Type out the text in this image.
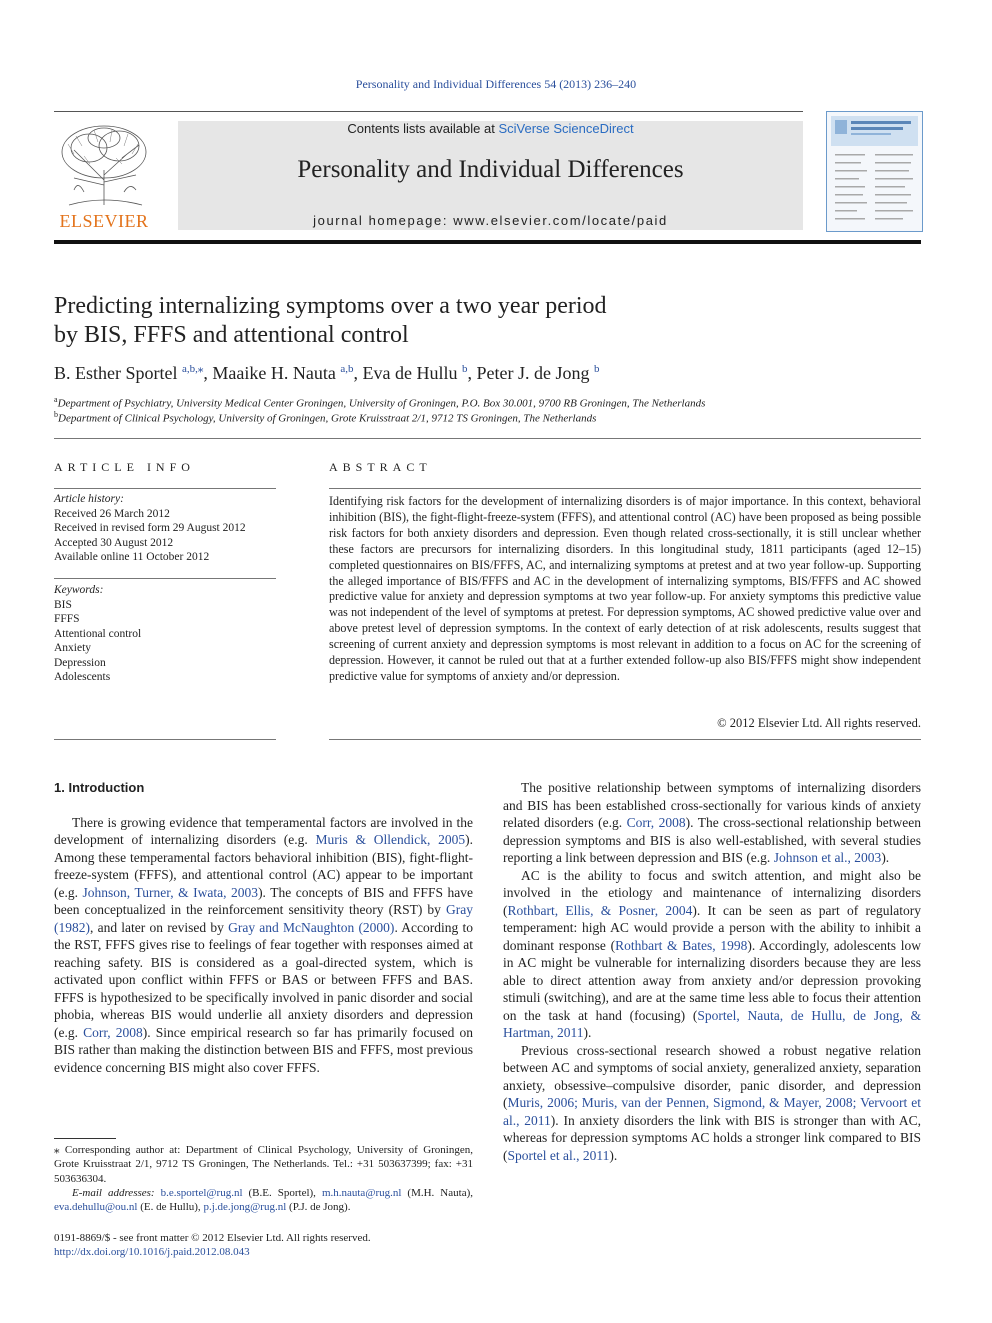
Personality and Individual Differences 54 (2013) 236–240
ELSEVIER
Contents lists available at SciVerse ScienceDirect
Personality and Individual Differences
journal homepage: www.elsevier.com/locate/paid
Predicting internalizing symptoms over a two year period
by BIS, FFFS and attentional control
B. Esther Sportel $^{a,b,⁎}$, Maaike H. Nauta $^{a,b}$, Eva de Hullu $^b$, Peter J. de Jong $^b$
$^a$Department of Psychiatry, University Medical Center Groningen, University of Groningen, P.O. Box 30.001, 9700 RB Groningen, The Netherlands
$^b$Department of Clinical Psychology, University of Groningen, Grote Kruisstraat 2/1, 9712 TS Groningen, The Netherlands
ARTICLE INFO
Article history:
Received 26 March 2012
Received in revised form 29 August 2012
Accepted 30 August 2012
Available online 11 October 2012
Keywords:
BIS
FFFS
Attentional control
Anxiety
Depression
Adolescents
ABSTRACT
Identifying risk factors for the development of internalizing disorders is of major importance. In this context, behavioral inhibition (BIS), the fight-flight-freeze-system (FFFS), and attentional control (AC) have been proposed as being possible risk factors for both anxiety disorders and depression. Even though related cross-sectionally, it is still unclear whether these factors are precursors for internalizing disorders. In this longitudinal study, 1811 participants (aged 12–15) completed questionnaires on BIS/FFFS, AC, and internalizing symptoms at pretest and at two year follow-up. Supporting the alleged importance of BIS/FFFS and AC in the development of internalizing symptoms, BIS/FFFS and AC showed predictive value for anxiety and depression symptoms at two year follow-up. For anxiety symptoms this predictive value was not independent of the level of symptoms at pretest. For depression symptoms, AC showed predictive value over and above pretest level of depression symptoms. In the context of early detection of at risk adolescents, results suggest that screening of current anxiety and depression symptoms is most relevant in addition to a focus on AC for the screening of depression. However, it cannot be ruled out that at a further extended follow-up also BIS/FFFS might show independent predictive value for symptoms of anxiety and/or depression.
© 2012 Elsevier Ltd. All rights reserved.

1. Introduction

There is growing evidence that temperamental factors are involved in the development of internalizing disorders (e.g. Muris & Ollendick, 2005). Among these temperamental factors behavioral inhibition (BIS), fight-flight-freeze-system (FFFS), and attentional control (AC) appear to be important (e.g. Johnson, Turner, & Iwata, 2003). The concepts of BIS and FFFS have been conceptualized in the reinforcement sensitivity theory (RST) by Gray (1982), and later on revised by Gray and McNaughton (2000). According to the RST, FFFS gives rise to feelings of fear together with responses aimed at reaching safety. BIS is considered as a goal-directed system, which is activated upon conflict within FFFS or BAS or between FFFS and BAS. FFFS is hypothesized to be specifically involved in panic disorder and social phobia, whereas BIS would underlie all anxiety disorders and depression (e.g. Corr, 2008). Since empirical research so far has primarily focused on BIS rather than making the distinction between BIS and FFFS, most previous evidence concerning BIS might also cover FFFS.

⁎ Corresponding author at: Department of Clinical Psychology, University of Groningen, Grote Kruisstraat 2/1, 9712 TS Groningen, The Netherlands. Tel.: +31 503637399; fax: +31 503636304.
E-mail addresses: b.e.sportel@rug.nl (B.E. Sportel), m.h.nauta@rug.nl (M.H. Nauta), eva.dehullu@ou.nl (E. de Hullu), p.j.de.jong@rug.nl (P.J. de Jong).
0191-8869/$ - see front matter © 2012 Elsevier Ltd. All rights reserved.
http://dx.doi.org/10.1016/j.paid.2012.08.043

The positive relationship between symptoms of internalizing disorders and BIS has been established cross-sectionally for various kinds of anxiety related disorders (e.g. Corr, 2008). The cross-sectional relationship between depression symptoms and BIS is also well-established, with several studies reporting a link between depression and BIS (e.g. Johnson et al., 2003).

AC is the ability to focus and switch attention, and might also be involved in the etiology and maintenance of internalizing disorders (Rothbart, Ellis, & Posner, 2004). It can be seen as part of regulatory temperament: high AC would provide a person with the ability to inhibit a dominant response (Rothbart & Bates, 1998). Accordingly, adolescents low in AC might be vulnerable for internalizing disorders because they are less able to direct attention away from anxiety and/or depression provoking stimuli (switching), and are at the same time less able to focus their attention on the task at hand (focusing) (Sportel, Nauta, de Hullu, de Jong, & Hartman, 2011).

Previous cross-sectional research showed a robust negative relation between AC and symptoms of social anxiety, generalized anxiety, separation anxiety, obsessive–compulsive disorder, panic disorder, and depression (Muris, 2006; Muris, van der Pennen, Sigmond, & Mayer, 2008; Vervoort et al., 2011). In anxiety disorders the link with BIS is stronger than with AC, whereas for depression symptoms AC holds a stronger link compared to BIS (Sportel et al., 2011).
